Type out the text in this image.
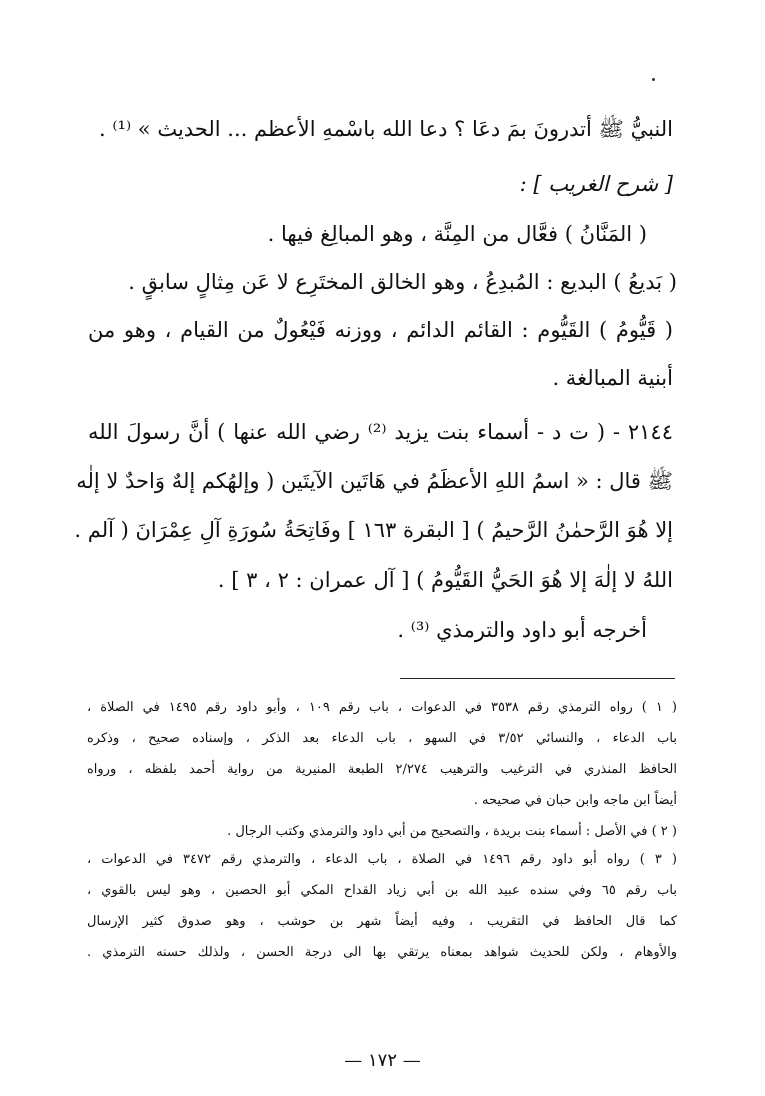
النبيُّ ﷺ أتدرونَ بمَ دعَا ؟ دعا الله باسْمهِ الأعظم ... الحديث » ⁽¹⁾ .
[ شرح الغريب ] :
( المَنَّانُ ) فعَّال من المِنَّة ، وهو المبالِغ فيها .
( بَديعُ ) البديع : المُبدِعُ ، وهو الخالق المختَرِع لا عَن مِثالٍ سابقٍ .
( قَيُّومُ ) القَيُّوم : القائم الدائم ، ووزنه فَيْعُولٌ من القيام ، وهو من
أبنية المبالغة .
٢١٤٤ - ( ت د - أسماء بنت يزيد ⁽²⁾ رضي الله عنها ) أنَّ رسولَ الله
ﷺ قال : « اسمُ اللهِ الأعظَمُ في هَاتَين الآيتَين ( وإلهُكم إلهٌ وَاحدٌ لا إلٰه
إلا هُوَ الرَّحمٰنُ الرَّحيمُ ) [ البقرة ١٦٣ ] وفَاتِحَةُ سُورَةِ آلِ عِمْرَانَ ( آلم .
اللهُ لا إلٰهَ إلا هُوَ الحَيُّ القَيُّومُ ) [ آل عمران : ٢ ، ٣ ] .
أخرجه أبو داود والترمذي ⁽³⁾ .
( ١ ) رواه الترمذي رقم ٣٥٣٨ في الدعوات ، باب رقم ١٠٩ ، وأبو داود رقم ١٤٩٥ في الصلاة ،
باب الدعاء ، والنسائي ٣/٥٢ في السهو ، باب الدعاء بعد الذكر ، وإسناده صحيح ، وذكره
الحافظ المنذري في الترغيب والترهيب ٢/٢٧٤ الطبعة المنيرية من رواية أحمد بلفظه ، ورواه
أيضاً ابن ماجه وابن حبان في صحيحه .
( ٢ ) في الأصل : أسماء بنت بريدة ، والتصحيح من أبي داود والترمذي وكتب الرجال .
( ٣ ) رواه أبو داود رقم ١٤٩٦ في الصلاة ، باب الدعاء ، والترمذي رقم ٣٤٧٢ في الدعوات ،
باب رقم ٦٥ وفي سنده عبيد الله بن أبي زياد القداح المكي أبو الحصين ، وهو ليس بالقوي ،
كما قال الحافظ في التقريب ، وفيه أيضاً شهر بن حوشب ، وهو صدوق كثير الإرسال
والأوهام ، ولكن للحديث شواهد بمعناه يرتقي بها الى درجة الحسن ، ولذلك حسنه الترمذي .
— ١٧٢ —
